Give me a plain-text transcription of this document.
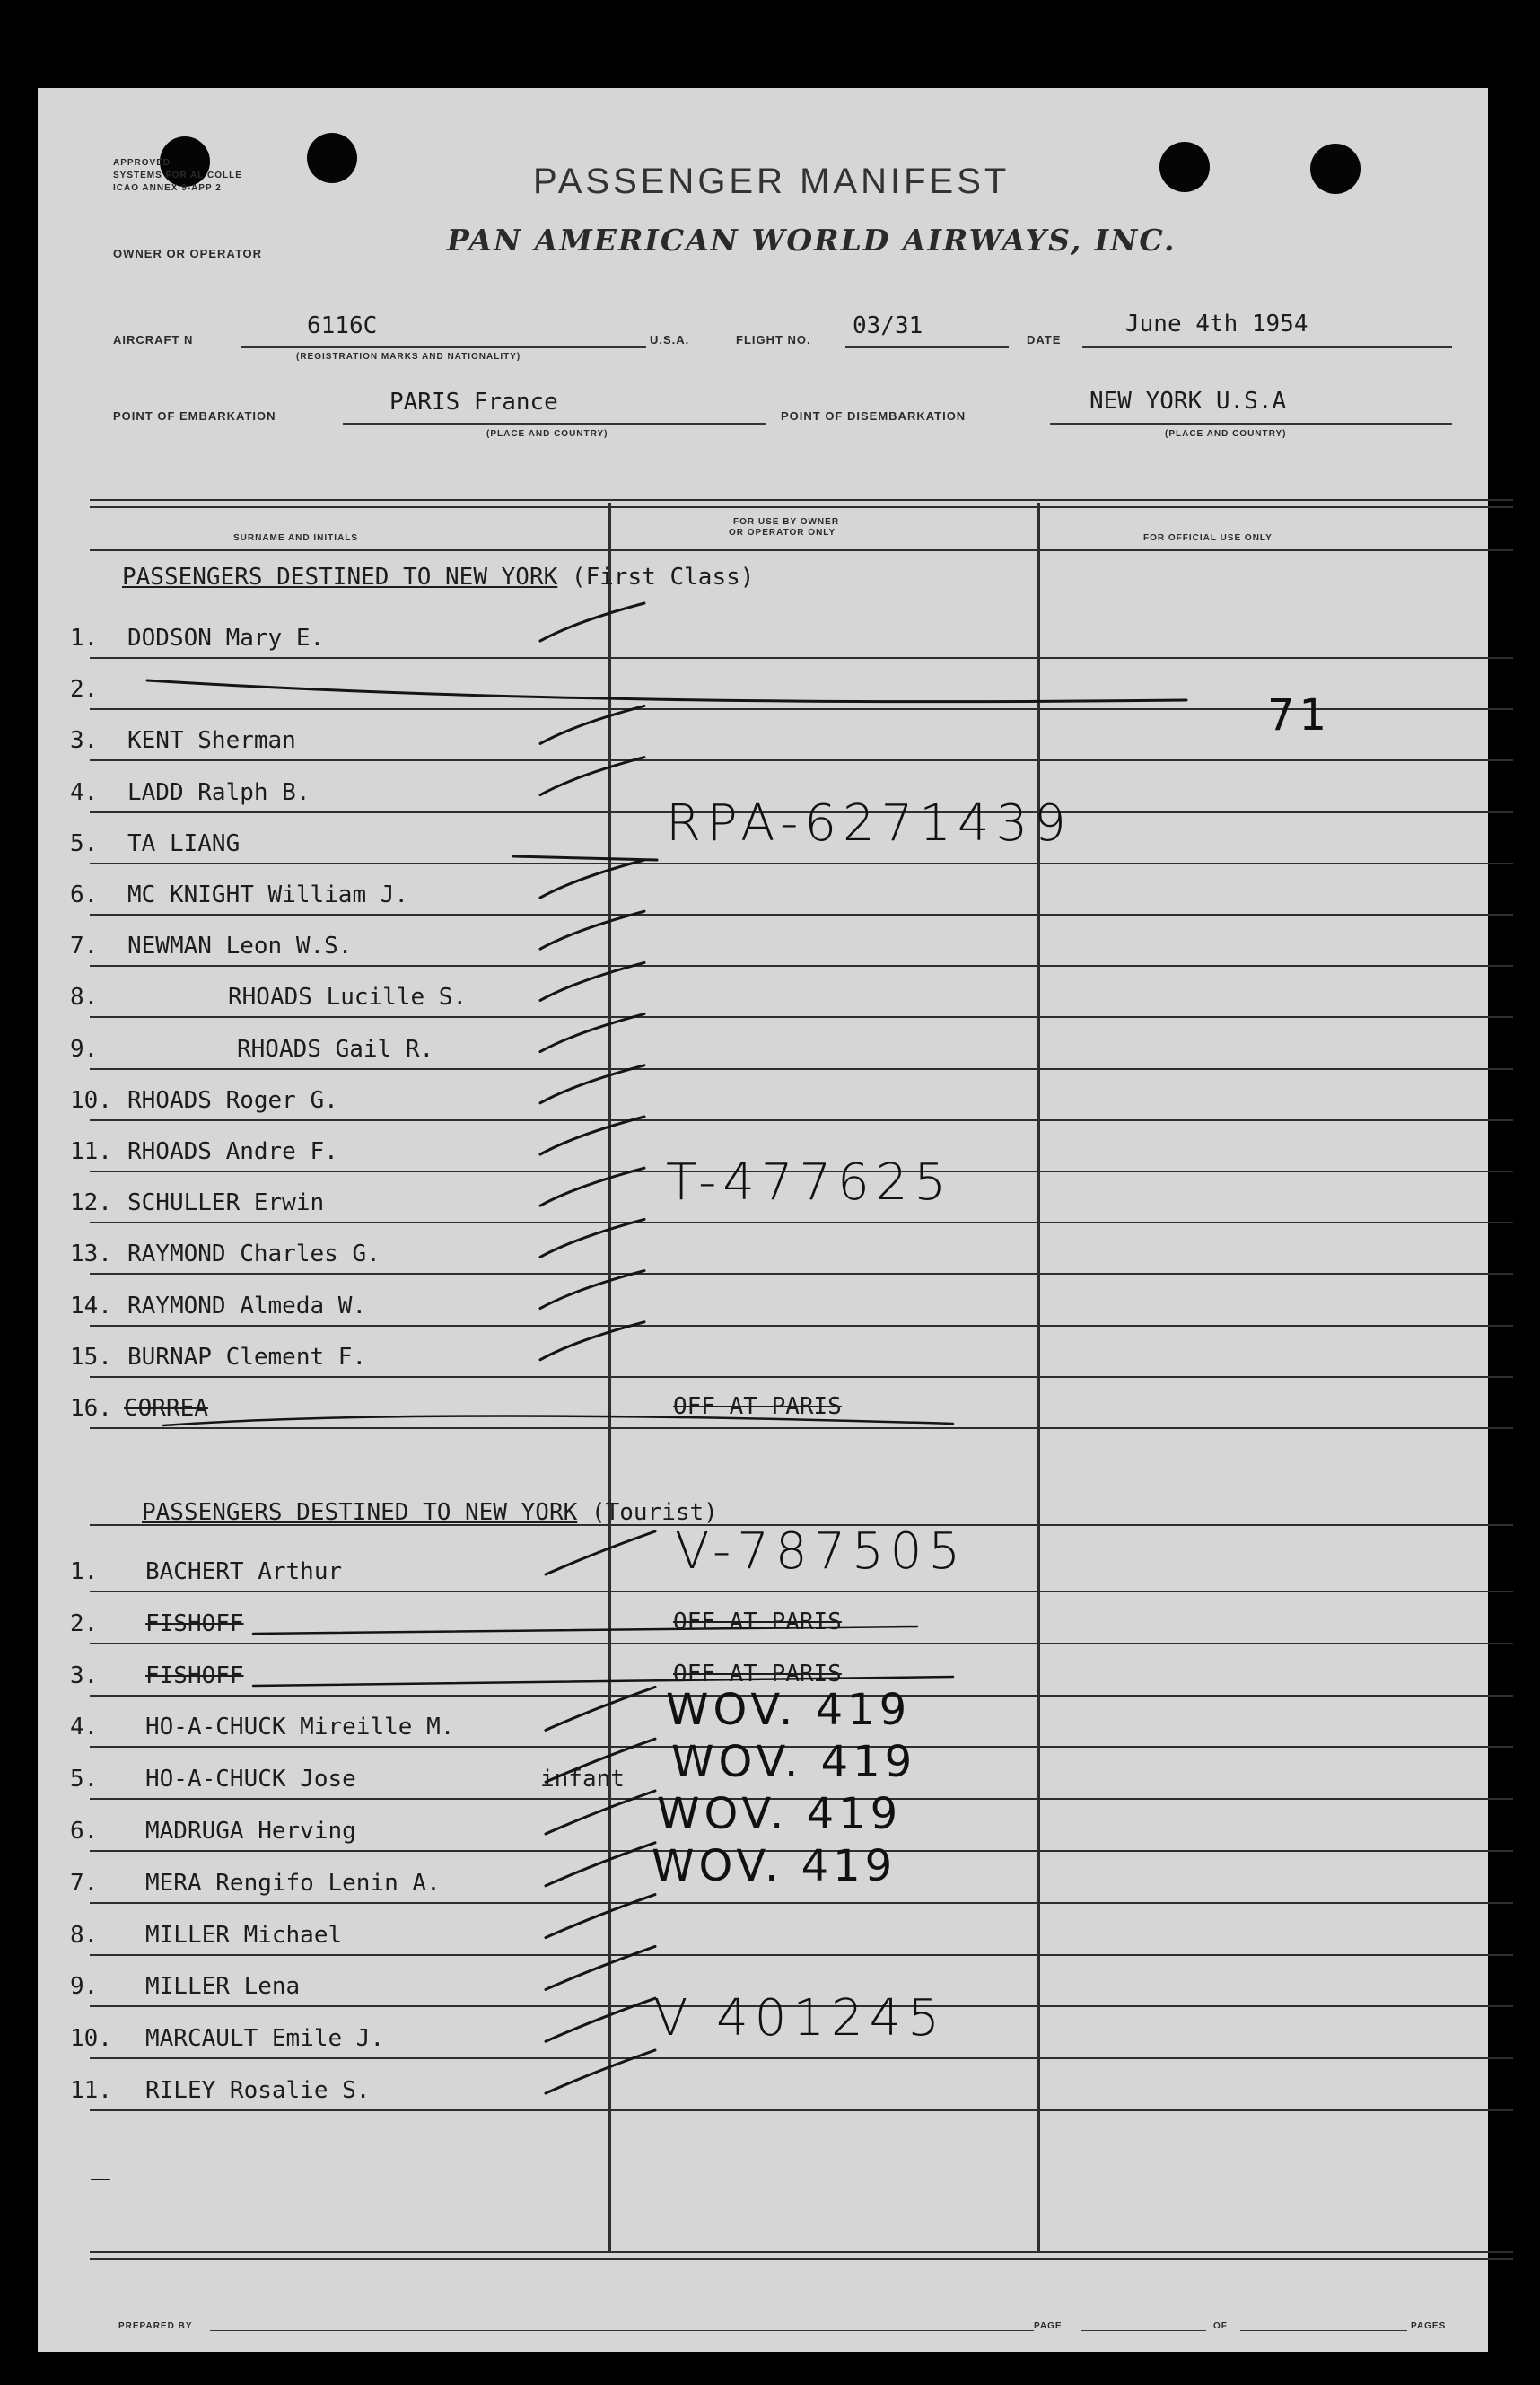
APPROVED
SYSTEMS FOR AL COLLE
ICAO ANNEX 9-APP 2	PASSENGER MANIFEST
OWNER OR OPERATOR	PAN AMERICAN WORLD AIRWAYS, INC.
AIRCRAFT N
6116C
(REGISTRATION MARKS AND NATIONALITY)
U.S.A.	FLIGHT NO.
03/31
DATE
June 4th 1954
POINT OF EMBARKATION
PARIS France
(PLACE AND COUNTRY)
POINT OF DISEMBARKATION
NEW YORK U.S.A
(PLACE AND COUNTRY)
SURNAME AND INITIALS
FOR USE BY OWNER
OR OPERATOR ONLY
FOR OFFICIAL USE ONLY
PASSENGERS DESTINED TO NEW YORK (First Class)
1. DODSON Mary E.
2.
71
3. KENT Sherman
4. LADD Ralph B.
5. TA LIANG	RPA-6271439
6. MC KNIGHT William J.
7. NEWMAN Leon W.S.
8.	RHOADS Lucille S.
9.	RHOADS Gail R.
10. RHOADS Roger G.
11. RHOADS Andre F.
12. SCHULLER Erwin	T-477625
13. RAYMOND Charles G.
14. RAYMOND Almeda W.
15. BURNAP Clement F.
16. CORREA	OFF AT PARIS
PASSENGERS DESTINED TO NEW YORK (Tourist)
1. BACHERT Arthur	V-787505
2. FISHOFF	OFF AT PARIS
3. FISHOFF	OFF AT PARIS
4. HO-A-CHUCK Mireille M.	WOV. 419
5. HO-A-CHUCK Jose	infant WOV. 419
6. MADRUGA Herving	WOV. 419
7. MERA Rengifo Lenin A.	WOV. 419
8. MILLER Michael
9. MILLER Lena
10. MARCAULT Emile J.	V 401245
11. RILEY Rosalie S.
PREPARED BY	PAGE	OF	PAGES
